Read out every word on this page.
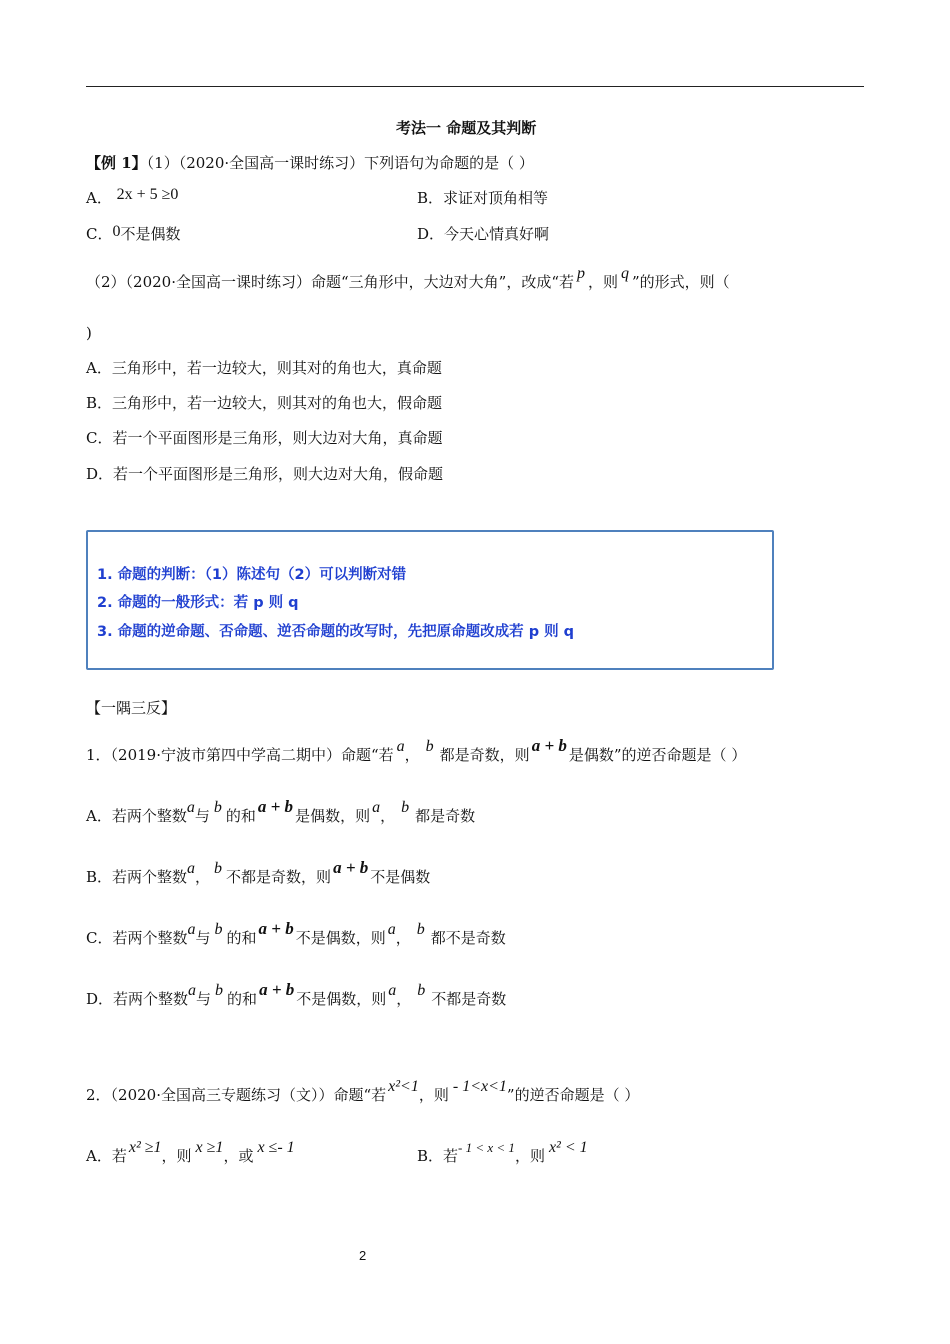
考法一 命题及其判断
【例 1】（1）（2020·全国高一课时练习）下列语句为命题的是（ ）
A． 2x + 5 ≥0	B．求证对顶角相等
C．0不是偶数	D．今天心情真好啊
（2）（2020·全国高一课时练习）命题“三角形中，大边对大角”，改成“若 p ，则 q ”的形式，则（
)
A．三角形中，若一边较大，则其对的角也大，真命题
B．三角形中，若一边较大，则其对的角也大，假命题
C．若一个平面图形是三角形，则大边对大角，真命题
D．若一个平面图形是三角形，则大边对大角，假命题
1. 命题的判断：（1）陈述句（2）可以判断对错
2. 命题的一般形式：若 p 则 q
3. 命题的逆命题、否命题、逆否命题的改写时，先把原命题改成若 p 则 q
【一隅三反】
1．（2019·宁波市第四中学高二期中）命题“若 a， b 都是奇数，则 a + b 是偶数”的逆否命题是（ ）
A．若两个整数a与 b 的和 a + b 是偶数，则 a， b 都是奇数
B．若两个整数a， b 不都是奇数，则 a + b 不是偶数
C．若两个整数a与 b 的和 a + b 不是偶数，则 a， b 都不是奇数
D．若两个整数a与 b 的和 a + b 不是偶数，则 a， b 不都是奇数
2．（2020·全国高三专题练习（文））命题“若 x²<1，则 - 1<x<1”的逆否命题是（ ）
A．若 x² ≥1，则 x ≥1，或 x ≤- 1	B．若- 1 < x < 1，则 x² < 1
2
